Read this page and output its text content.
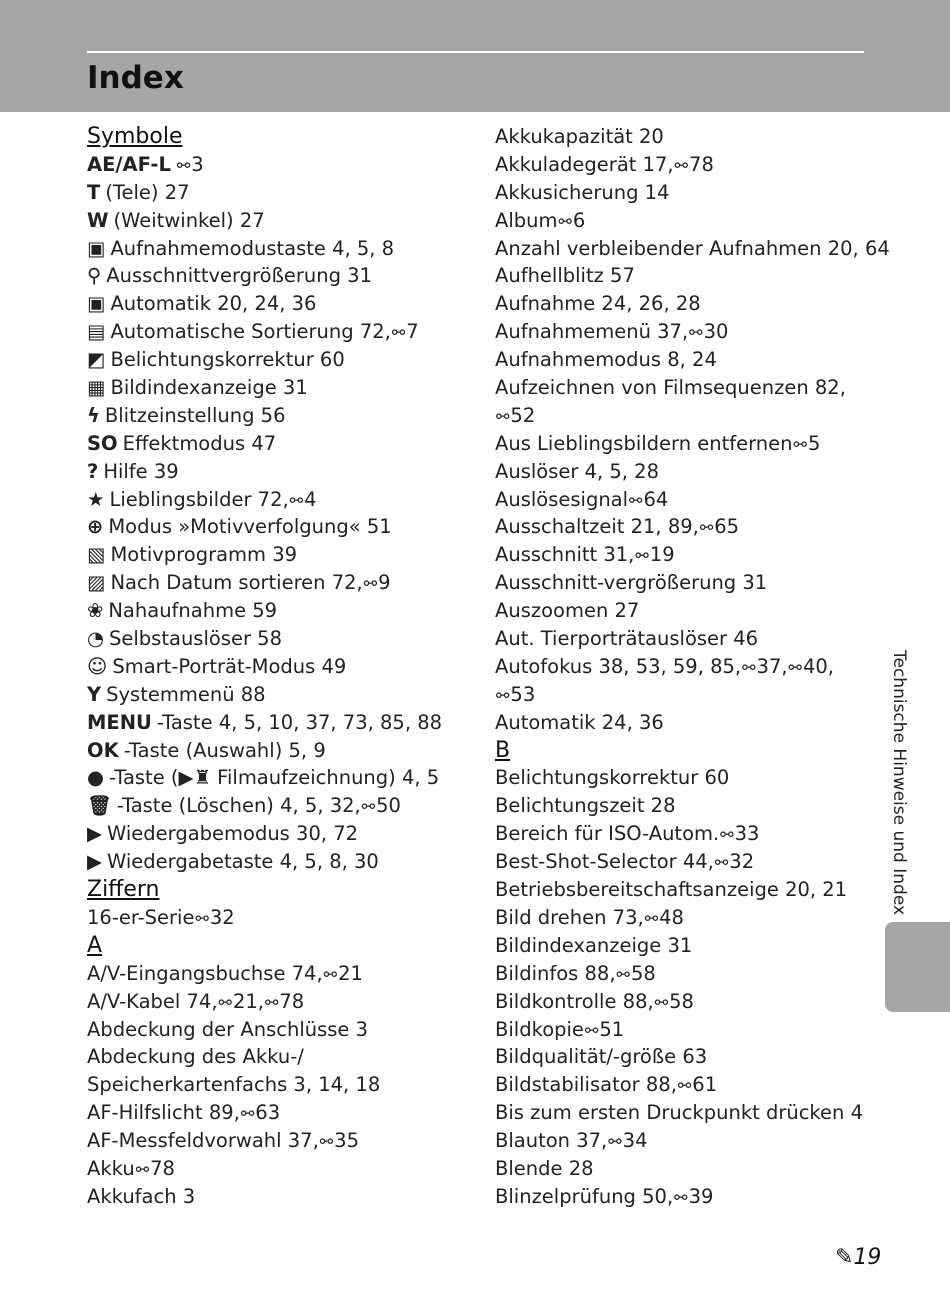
Index
Symbole
AE/AF-L⚯3
T (Tele) 27
W (Weitwinkel) 27
▣ Aufnahmemodustaste 4, 5, 8
⚲ Ausschnittvergrößerung 31
▣ Automatik 20, 24, 36
▤ Automatische Sortierung 72,⚯7
◩ Belichtungskorrektur 60
▦ Bildindexanzeige 31
ϟ Blitzeinstellung 56
SO Effektmodus 47
? Hilfe 39
★ Lieblingsbilder 72,⚯4
⊕ Modus »Motivverfolgung« 51
▧ Motivprogramm 39
▨ Nach Datum sortieren 72,⚯9
❀ Nahaufnahme 59
◔ Selbstauslöser 58
☺ Smart-Porträt-Modus 49
Y Systemmenü 88
MENU -Taste 4, 5, 10, 37, 73, 85, 88
OK -Taste (Auswahl) 5, 9
● -Taste (▶♜ Filmaufzeichnung) 4, 5
🗑 -Taste (Löschen) 4, 5, 32,⚯50
▶ Wiedergabemodus 30, 72
▶ Wiedergabetaste 4, 5, 8, 30
Ziffern
16-er-Serie⚯32
A
A/V-Eingangsbuchse 74,⚯21
A/V-Kabel 74,⚯21,⚯78
Abdeckung der Anschlüsse 3
Abdeckung des Akku-/
Speicherkartenfachs 3, 14, 18
AF-Hilfslicht 89,⚯63
AF-Messfeldvorwahl 37,⚯35
Akku⚯78
Akkufach 3
Akkukapazität 20
Akkuladegerät 17,⚯78
Akkusicherung 14
Album⚯6
Anzahl verbleibender Aufnahmen 20, 64
Aufhellblitz 57
Aufnahme 24, 26, 28
Aufnahmemenü 37,⚯30
Aufnahmemodus 8, 24
Aufzeichnen von Filmsequenzen 82,
⚯52
Aus Lieblingsbildern entfernen⚯5
Auslöser 4, 5, 28
Auslösesignal⚯64
Ausschaltzeit 21, 89,⚯65
Ausschnitt 31,⚯19
Ausschnitt-vergrößerung 31
Auszoomen 27
Aut. Tierporträtauslöser 46
Autofokus 38, 53, 59, 85,⚯37,⚯40,
⚯53
Automatik 24, 36
B
Belichtungskorrektur 60
Belichtungszeit 28
Bereich für ISO-Autom.⚯33
Best-Shot-Selector 44,⚯32
Betriebsbereitschaftsanzeige 20, 21
Bild drehen 73,⚯48
Bildindexanzeige 31
Bildinfos 88,⚯58
Bildkontrolle 88,⚯58
Bildkopie⚯51
Bildqualität/-größe 63
Bildstabilisator 88,⚯61
Bis zum ersten Druckpunkt drücken 4
Blauton 37,⚯34
Blende 28
Blinzelprüfung 50,⚯39
Technische Hinweise und Index
✎19
